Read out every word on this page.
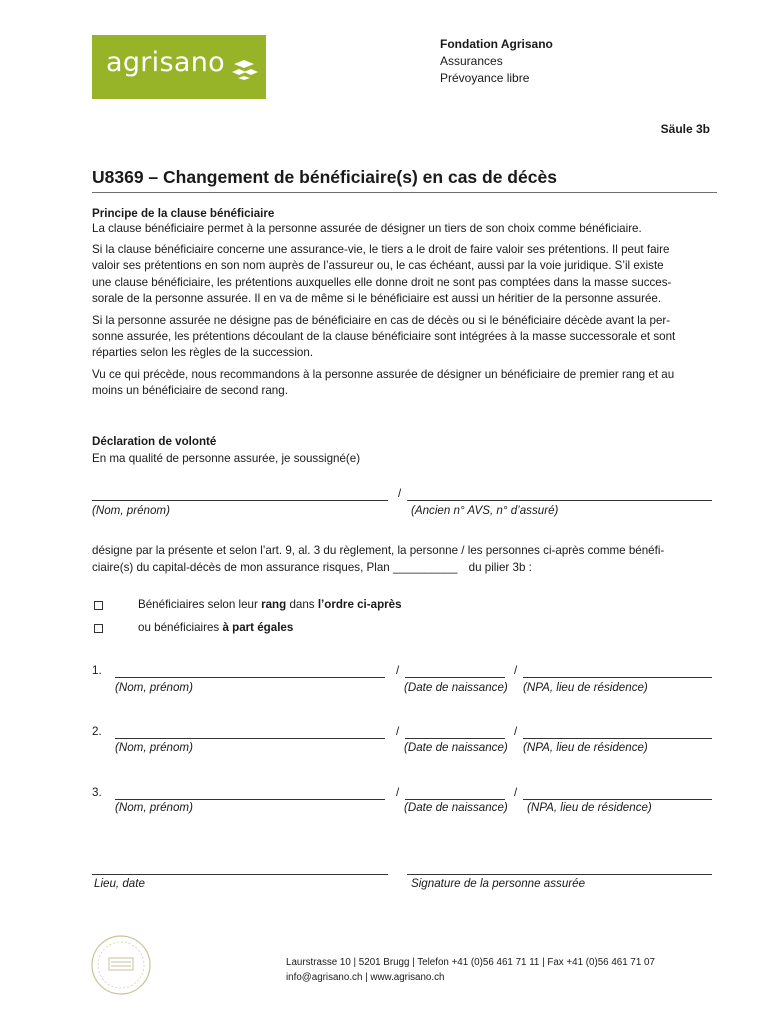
agrisano
Fondation Agrisano
Assurances
Prévoyance libre
Säule 3b
U8369 – Changement de bénéficiaire(s) en cas de décès
Principe de la clause bénéficiaire
La clause bénéficiaire permet à la personne assurée de désigner un tiers de son choix comme bénéficiaire.
Si la clause bénéficiaire concerne une assurance-vie, le tiers a le droit de faire valoir ses prétentions. Il peut faire
valoir ses prétentions en son nom auprès de l’assureur ou, le cas échéant, aussi par la voie juridique. S’il existe
une clause bénéficiaire, les prétentions auxquelles elle donne droit ne sont pas comptées dans la masse succes-
sorale de la personne assurée. Il en va de même si le bénéficiaire est aussi un héritier de la personne assurée.
Si la personne assurée ne désigne pas de bénéficiaire en cas de décès ou si le bénéficiaire décède avant la per-
sonne assurée, les prétentions découlant de la clause bénéficiaire sont intégrées à la masse successorale et sont
réparties selon les règles de la succession.
Vu ce qui précède, nous recommandons à la personne assurée de désigner un bénéficiaire de premier rang et au
moins un bénéficiaire de second rang.
Déclaration de volonté
En ma qualité de personne assurée, je soussigné(e)
/
(Nom, prénom)	(Ancien n° AVS, n° d’assuré)
désigne par la présente et selon l’art. 9, al. 3 du règlement, la personne / les personnes ci-après comme bénéfi-
ciaire(s) du capital-décès de mon assurance risques, Plan __________ du pilier 3b :
Bénéficiaires selon leur rang dans l’ordre ci-après
ou bénéficiaires à part égales
1.	/	/
(Nom, prénom)	(Date de naissance) (NPA, lieu de résidence)
2.	/	/
(Nom, prénom)	(Date de naissance) (NPA, lieu de résidence)
3.	/	/
(Nom, prénom)	(Date de naissance) (NPA, lieu de résidence)
Lieu, date	Signature de la personne assurée
Laurstrasse 10 | 5201 Brugg | Telefon +41 (0)56 461 71 11 | Fax +41 (0)56 461 71 07
info@agrisano.ch | www.agrisano.ch
